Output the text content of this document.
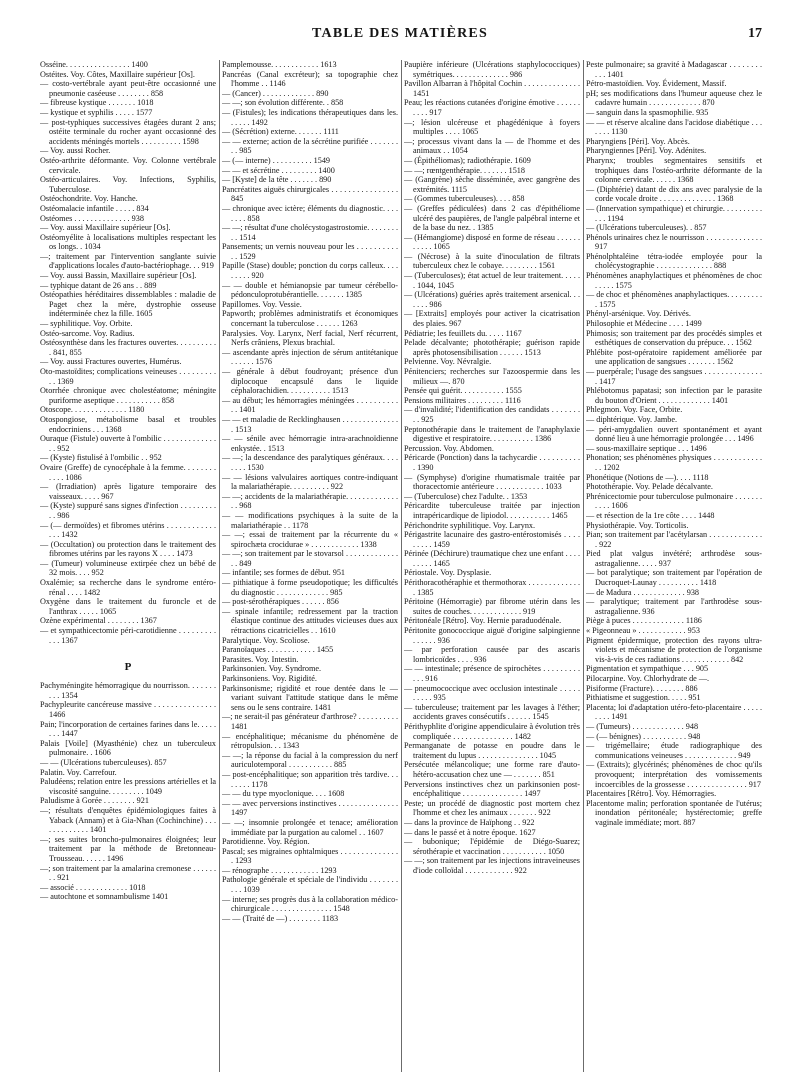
TABLE DES MATIÈRES	17

Osséine. . . . . . . . . . . . . . . . 1400

Ostéites. Voy. Côtes, Maxillaire supérieur [Os].

— costo-vertébrale ayant peut-être occasionné une pneumonie caséeuse . . . . . . . . 858

— fibreuse kystique . . . . . . . 1018

— kystique et syphilis . . . . . 1577

— post-typhiques successives étagées durant 2 ans; ostéite terminale du rocher ayant occasionné des accidents méningés mortels . . . . . . . . . . 1598

— Voy. aussi Rocher.

Ostéo-arthrite déformante. Voy. Colonne vertébrale cervicale.

Ostéo-articulaires. Voy. Infections, Syphilis, Tuberculose.

Ostéochondrite. Voy. Hanche.

Ostéomalacie infantile . . . . . 834

Ostéomes . . . . . . . . . . . . . . 938

— Voy. aussi Maxillaire supérieur [Os].

Ostéomyélite à localisations multiples respectant les os longs. . 1034

—; traitement par l'intervention sanglante suivie d'applications locales d'auto-bactériophage. . . 919

— Voy. aussi Bassin, Maxillaire supérieur [Os].

— typhique datant de 26 ans . . 889

Ostéopathies héréditaires dissemblables : maladie de Paget chez la mère, dystrophie osseuse indéterminée chez la fille. 1605

— syphilitique. Voy. Orbite.

Ostéo-sarcome. Voy. Radius.

Ostéosynthèse dans les fractures ouvertes. . . . . . . . . . . 841, 855

— Voy. aussi Fractures ouvertes, Humérus.

Oto-mastoïdites; complications veineuses . . . . . . . . . . . 1369

Otorrhée chronique avec cholestéatome; méningite puriforme aseptique . . . . . . . . . . . 858

Otoscope. . . . . . . . . . . . . . 1180

Otospongiose, métabolisme basal et troubles endocriniens . . . 1368

Ouraque (Fistule) ouverte à l'ombilic . . . . . . . . . . . . . . . 952

— (Kyste) fistulisé à l'ombilic . . 952

Ovaire (Greffe) de cynocéphale à la femme. . . . . . . . . . . . 1086

— (Irradiation) après ligature temporaire des vaisseaux. . . . . 967

— (Kyste) suppuré sans signes d'infection . . . . . . . . . . . 986

— (— dermoïdes) et fibromes utérins . . . . . . . . . . . . . . . 1432

— (Occultation) ou protection dans le traitement des fibromes utérins par les rayons X . . . . 1473

— (Tumeur) volumineuse extirpée chez un bébé de 32 mois. . . . 952

Oxalémie; sa recherche dans le syndrome entéro-rénal . . . . 1482

Oxygène dans le traitement du furoncle et de l'anthrax . . . . . 1065

Ozène expérimental . . . . . . . . 1367

— et sympathicectomie péri-carotidienne . . . . . . . . . . . . 1367

P

Pachyméningite hémorragique du nourrisson. . . . . . . . . . 1354

Pachypleurite cancéreuse massive . . . . . . . . . . . . . . . 1466

Pain; l'incorporation de certaines farines dans le. . . . . . . . 1447

Palais [Voile] (Myasthénie) chez un tuberculeux pulmonaire. . 1606

— — (Ulcérations tuberculeuses). 857

Palatin. Voy. Carrefour.

Paludéens; relation entre les pressions artérielles et la viscosité sanguine. . . . . . . . . 1049

Paludisme à Gorée . . . . . . . . 921

—; résultats d'enquêtes épidémiologiques faites à Yaback (Annam) et à Gia-Nhan (Cochinchine) . . . . . . . . . . . . . 1401

—; ses suites broncho-pulmonaires éloignées; leur traitement par la méthode de Bretonneau-Trousseau. . . . . . 1496

—; son traitement par la amalarina cremonese . . . . . . . . 921

— associé . . . . . . . . . . . . . 1018

— autochtone et somnambulisme 1401

Pamplemousse. . . . . . . . . . . . 1613

Pancréas (Canal excréteur); sa topographie chez l'homme . . 1146

— (Cancer) . . . . . . . . . . . . . 890

— —; son évolution différente. . 858

— (Fistules); les indications thérapeutiques dans les. . . . . . 1492

— (Sécrétion) externe. . . . . . . 1111

— — externe; action de la sécrétine purifiée . . . . . . . . . 985

— (— interne) . . . . . . . . . . 1549

— — et sécrétine . . . . . . . . . 1400

— [Kyste] de la tête . . . . . . . 890

Pancréatites aiguës chirurgicales . . . . . . . . . . . . . . . . 845

— chronique avec ictère; éléments du diagnostic. . . . . . . . 858

— —; résultat d'une cholécystogastrostomie. . . . . . . . . . 1514

Pansements; un vernis nouveau pour les . . . . . . . . . . . . 1529

Papille (Stase) double; ponction du corps calleux. . . . . . . . . 920

— — double et hémianopsie par tumeur cérébello-pédonculoprotubérantielle. . . . . . . 1385

Papillomes. Voy. Vessie.

Papworth; problèmes administratifs et économiques concernant la tuberculose . . . . . . 1263

Paralysies. Voy. Larynx, Nerf facial, Nerf récurrent, Nerfs crâniens, Plexus brachial.

— ascendante après injection de sérum antitétanique . . . . . . 1576

— générale à début foudroyant; présence d'un diplocoque encapsulé dans le liquide céphalorachidien. . . . . . . . . . . 1513

— au début; les hémorragies méningées . . . . . . . . . . . . 1401

— — et maladie de Recklinghausen . . . . . . . . . . . . . . . 1513

— — sénile avec hémorragie intra-arachnoïdienne enkystée. . 1513

— —; la descendance des paralytiques généraux. . . . . . . . 1530

— — lésions valvulaires aortiques contre-indiquant la malariathérapie. . . . . . . . . . 922

— —; accidents de la malariathérapie. . . . . . . . . . . . . . . 968

— — modifications psychiques à la suite de la malariathérapie . . 1178

— —; essai de traitement par la récurrente du « spirochæta crocidurae » . . . . . . . . . . . . 1338

— —; son traitement par le stovarsol . . . . . . . . . . . . . . . 849

— infantile; ses formes de début. 951

— pithiatique à forme pseudopotique; les difficultés du diagnostic . . . . . . . . . . . . . 985

— post-sérothérapiques . . . . . . 856

— spinale infantile; redressement par la traction élastique continue des attitudes vicieuses dues aux rétractions cicatricielles . . 1610

Paralytique. Voy. Scoliose.

Paranoïaques . . . . . . . . . . . . 1455

Parasites. Voy. Intestin.

Parkinsonien. Voy. Syndrome.

Parkinsoniens. Voy. Rigidité.

Parkinsonisme; rigidité et roue dentée dans le — variant suivant l'attitude statique dans le même sens ou le sens contraire. 1481

—; ne serait-il pas générateur d'arthrose? . . . . . . . . . . 1481

— encéphalitique; mécanisme du phénomène de rétropulsion. . . 1343

— —; la réponse du facial à la compression du nerf auriculotemporal . . . . . . . . . . . 885

— post-encéphalitique; son apparition très tardive. . . . . . . . 1178

— — du type myoclonique. . . . 1608

— — avec perversions instinctives . . . . . . . . . . . . . . . 1497

— —; insomnie prolongée et tenace; amélioration immédiate par la purgation au calomel . . 1607

Parotidienne. Voy. Région.

Pascal; ses migraines ophtalmiques . . . . . . . . . . . . . . . 1293

— rénographe . . . . . . . . . . . . 1293

Pathologie générale et spéciale de l'individu . . . . . . . . . . 1039

— interne; ses progrès dus à la collaboration médico-chirurgicale . . . . . . . . . . . . . . . 1548

— — (Traité de —) . . . . . . . . 1183

Paupière inférieure (Ulcérations staphylococciques) symétriques. . . . . . . . . . . . . . 986

Pavillon Albarran à l'hôpital Cochin . . . . . . . . . . . . . . 1451

Peau; les réactions cutanées d'origine émotive . . . . . . . . . . 917

—; lésion ulcéreuse et phagédénique à foyers multiples . . . . 1065

—; processus vivant dans la — de l'homme et des animaux . . 1054

— (Épithéliomas); radiothérapie. 1609

— —; rœntgenthérapie. . . . . . . 1518

— (Gangrène) sèche disséminée, avec gangrène des extrémités. 1115

— (Gommes tuberculeuses). . . . 858

— (Greffes pédiculées) dans 2 cas d'épithéliome ulcéré des paupières, de l'angle palpébral interne et de la base du nez. . 1385

— (Hémangiome) disposé en forme de réseau . . . . . . . . . . . 1065

— (Nécrose) à la suite d'inoculation de filtrats tuberculeux chez le cobaye. . . . . . . . . 1561

— (Tuberculoses); état actuel de leur traitement. . . . . . 1044, 1045

— (Ulcérations) guéries après traitement arsenical. . . . . . . 986

— [Extraits] employés pour activer la cicatrisation des plaies. 967

Pédiatrie; les feuillets du. . . . . 1167

Pelade décalvante; photothérapie; guérison rapide après photosensibilisation . . . . . . 1513

Pelvienne. Voy. Névralgie.

Pénitenciers; recherches sur l'azoospermie dans les milieux —. 870

Pensée qui guérit. . . . . . . . . . . 1555

Pensions militaires . . . . . . . . . 1116

— d'invalidité; l'identification des candidats . . . . . . . . . 925

Peptonothérapie dans le traitement de l'anaphylaxie digestive et respiratoire. . . . . . . . . . . 1386

Percussion. Voy. Abdomen.

Péricarde (Ponction) dans la tachycardie . . . . . . . . . . . 1390

— (Symphyse) d'origine rhumatismale traitée par thoracectomie antérieure . . . . . . . . . . . . 1033

— (Tuberculose) chez l'adulte. . 1353

Péricardite tuberculeuse traitée par injection intrapéricardique de lipiodol. . . . . . . . . . . 1465

Périchondrite syphilitique. Voy. Larynx.

Périgastrite lacunaire des gastro-entérostomisés . . . . . . . . . 1459

Périnée (Déchirure) traumatique chez une enfant . . . . . . . . . 1465

Périostale. Voy. Dysplasie.

Périthoracothéraphie et thermothorax . . . . . . . . . . . . . . 1385

Péritoine (Hémorragie) par fibrome utérin dans les suites de couches. . . . . . . . . . . . . 919

Péritonéale [Rétro]. Voy. Hernie paraduodénale.

Péritonite gonococcique aiguë d'origine salpingienne . . . . . . 936

— par perforation causée par des ascaris lombricoïdes . . . . 936

— — intestinale; présence de spirochètes . . . . . . . . . . . . 916

— pneumococcique avec occlusion intestinale . . . . . . . . . . 935

— tuberculeuse; traitement par les lavages à l'éther; accidents graves consécutifs . . . . . . 1545

Périthyphlite d'origine appendiculaire à évolution très compliquée . . . . . . . . . . . . . . . 1482

Permanganate de potasse en poudre dans le traitement du lupus . . . . . . . . . . . . . . . 1045

Persécutée mélancolique; une forme rare d'auto-hétéro-accusation chez une — . . . . . . . 851

Perversions instinctives chez un parkinsonien post-encéphalitique . . . . . . . . . . . . . . . 1497

Peste; un procédé de diagnostic post mortem chez l'homme et chez les animaux . . . . . . . 922

— dans la province de Haïphong . . 922

— dans le passé et à notre époque. 1627

— bubonique; l'épidémie de Diégo-Suarez; sérothérapie et vaccination . . . . . . . . . . . 1050

— —; son traitement par les injections intraveineuses d'iode colloïdal . . . . . . . . . . . . 922

Peste pulmonaire; sa gravité à Madagascar . . . . . . . . . . . 1401

Pétro-mastoïdien. Voy. Évidement, Massif.

pH; ses modifications dans l'humeur aqueuse chez le cadavre humain . . . . . . . . . . . . . 870

— sanguin dans la spasmophilie. 935

— — et réserve alcaline dans l'acidose diabétique . . . . . . . 1130

Pharyngiens [Péri]. Voy. Abcès.

Pharyngiennes [Péri]. Voy. Adénites.

Pharynx; troubles segmentaires sensitifs et trophiques dans l'ostéo-arthrite déformante de la colonne cervicale. . . . . . 1368

— (Diphtérie) datant de dix ans avec paralysie de la corde vocale droite . . . . . . . . . . . . . . 1368

— (Innervation sympathique) et chirurgie. . . . . . . . . . . . . 1194

— (Ulcérations tuberculeuses). . 857

Phénols urinaires chez le nourrisson . . . . . . . . . . . . . . 917

Phénolphtaléine tétra-iodée employée pour la cholécystographie . . . . . . . . . . . . . . 888

Phénomènes anaphylactiques et phénomènes de choc . . . . . 1575

— de choc et phénomènes anaphylactiques. . . . . . . . . . 1575

Phényl-arsénique. Voy. Dérivés.

Philosophie et Médecine . . . . 1499

Phimosis; son traitement par des procédés simples et esthétiques de conservation du prépuce. . . 1562

Phlébite post-opératoire rapidement améliorée par une application de sangsues . . . . . . . 1562

— puerpérale; l'usage des sangsues . . . . . . . . . . . . . . . 1417

Phlébotomus papatasi; son infection par le parasite du bouton d'Orient . . . . . . . . . . . . . 1401

Phlegmon. Voy. Face, Orbite.

— diphtérique. Voy. Jambe.

— péri-amygdalien ouvert spontanément et ayant donné lieu à une hémorragie prolongée . . . 1496

— sous-maxillaire septique . . . 1496

Phonation; ses phénomènes physiques . . . . . . . . . . . . . . 1202

Phonétique (Notions de —). . . . 1118

Photothérapie. Voy. Pelade décalvante.

Phrénicectomie pour tuberculose pulmonaire . . . . . . . . . . . 1606

— et résection de la 1re côte . . . . 1448

Physiothérapie. Voy. Torticolis.

Pian; son traitement par l'acétylarsan . . . . . . . . . . . . . . 922

Pied plat valgus invétéré; arthrodèse sous-astragalienne. . . . . 937

— bot paralytique; son traitement par l'opération de Ducroquet-Launay . . . . . . . . . . 1418

— de Madura . . . . . . . . . . . . . 938

— paralytique; traitement par l'arthrodèse sous-astragalienne. 936

Piège à puces . . . . . . . . . . . . . 1186

« Pigeonneau » . . . . . . . . . . . . 953

Pigment épidermique, protection des rayons ultra-violets et mécanisme de protection de l'organisme vis-à-vis de ces radiations . . . . . . . . . . . . 842

Pigmentation et sympathique . . . 905

Pilocarpine. Voy. Chlorhydrate de —.

Pisiforme (Fracture). . . . . . . . 886

Pithiatisme et suggestion. . . . . 951

Placenta; loi d'adaptation utéro-feto-placentaire . . . . . . . . . 1491

— (Tumeurs) . . . . . . . . . . . . . 948

— (— bénignes) . . . . . . . . . . . 948

— trigémellaire; étude radiographique des communications veineuses . . . . . . . . . . . . . 949

— (Extraits); glycérinés; phénomènes de choc qu'ils provoquent; interprétation des vomissements incoercibles de la grossesse . . . . . . . . . . . . . . . 917

Placentaires [Rétro]. Voy. Hémorragies.

Placentome malin; perforation spontanée de l'utérus; inondation péritonéale; hystérectomie; greffe vaginale immédiate; mort. 887
